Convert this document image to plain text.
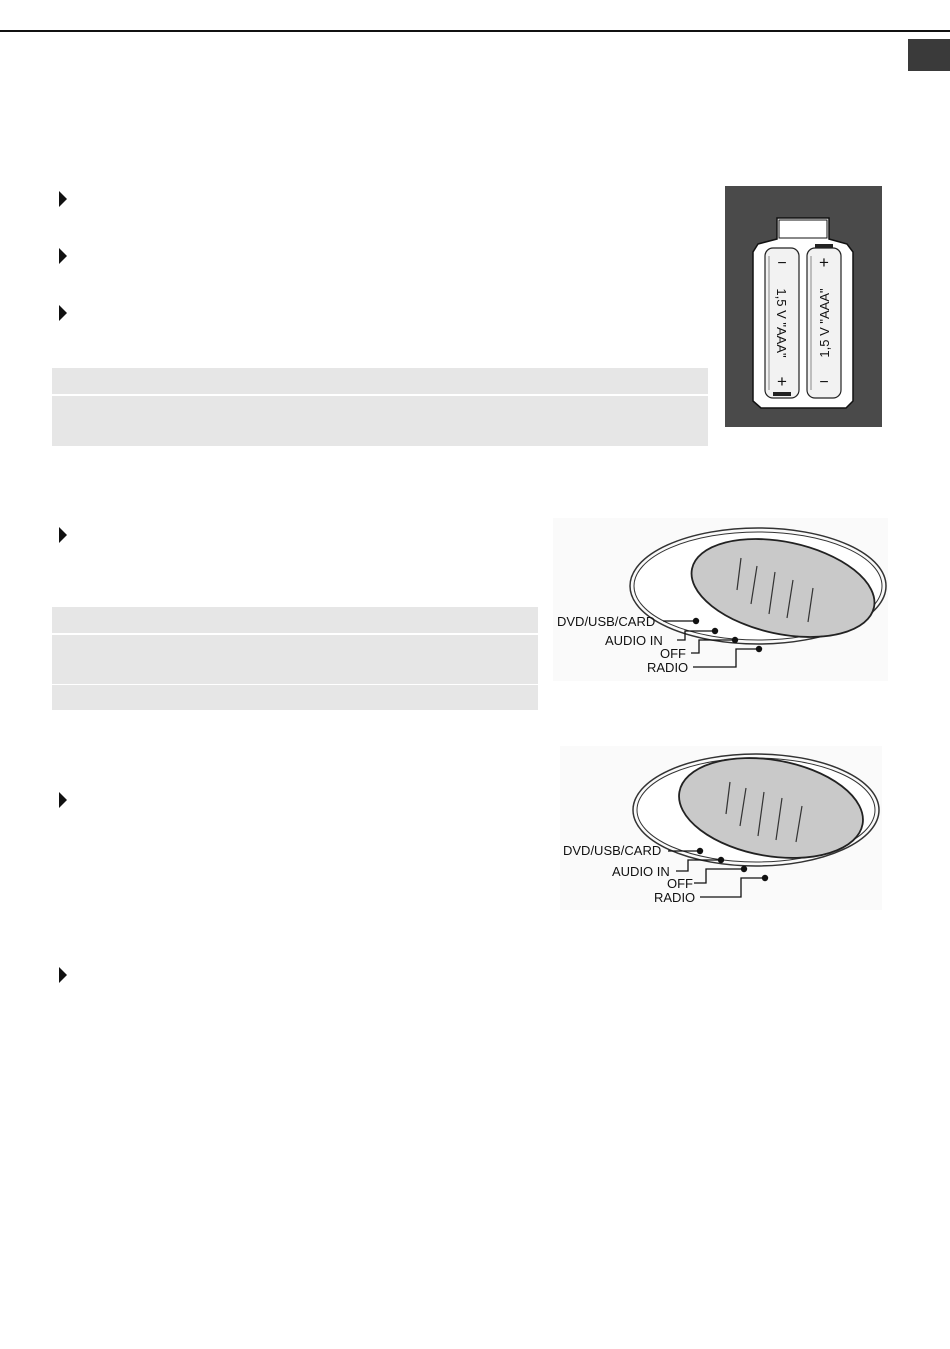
−
+
+
−
1,5 V "AAA" 1,5 V "AAA"
DVD/USB/CARD
AUDIO IN
OFF
RADIO
DVD/USB/CARD
AUDIO IN
OFF
RADIO
